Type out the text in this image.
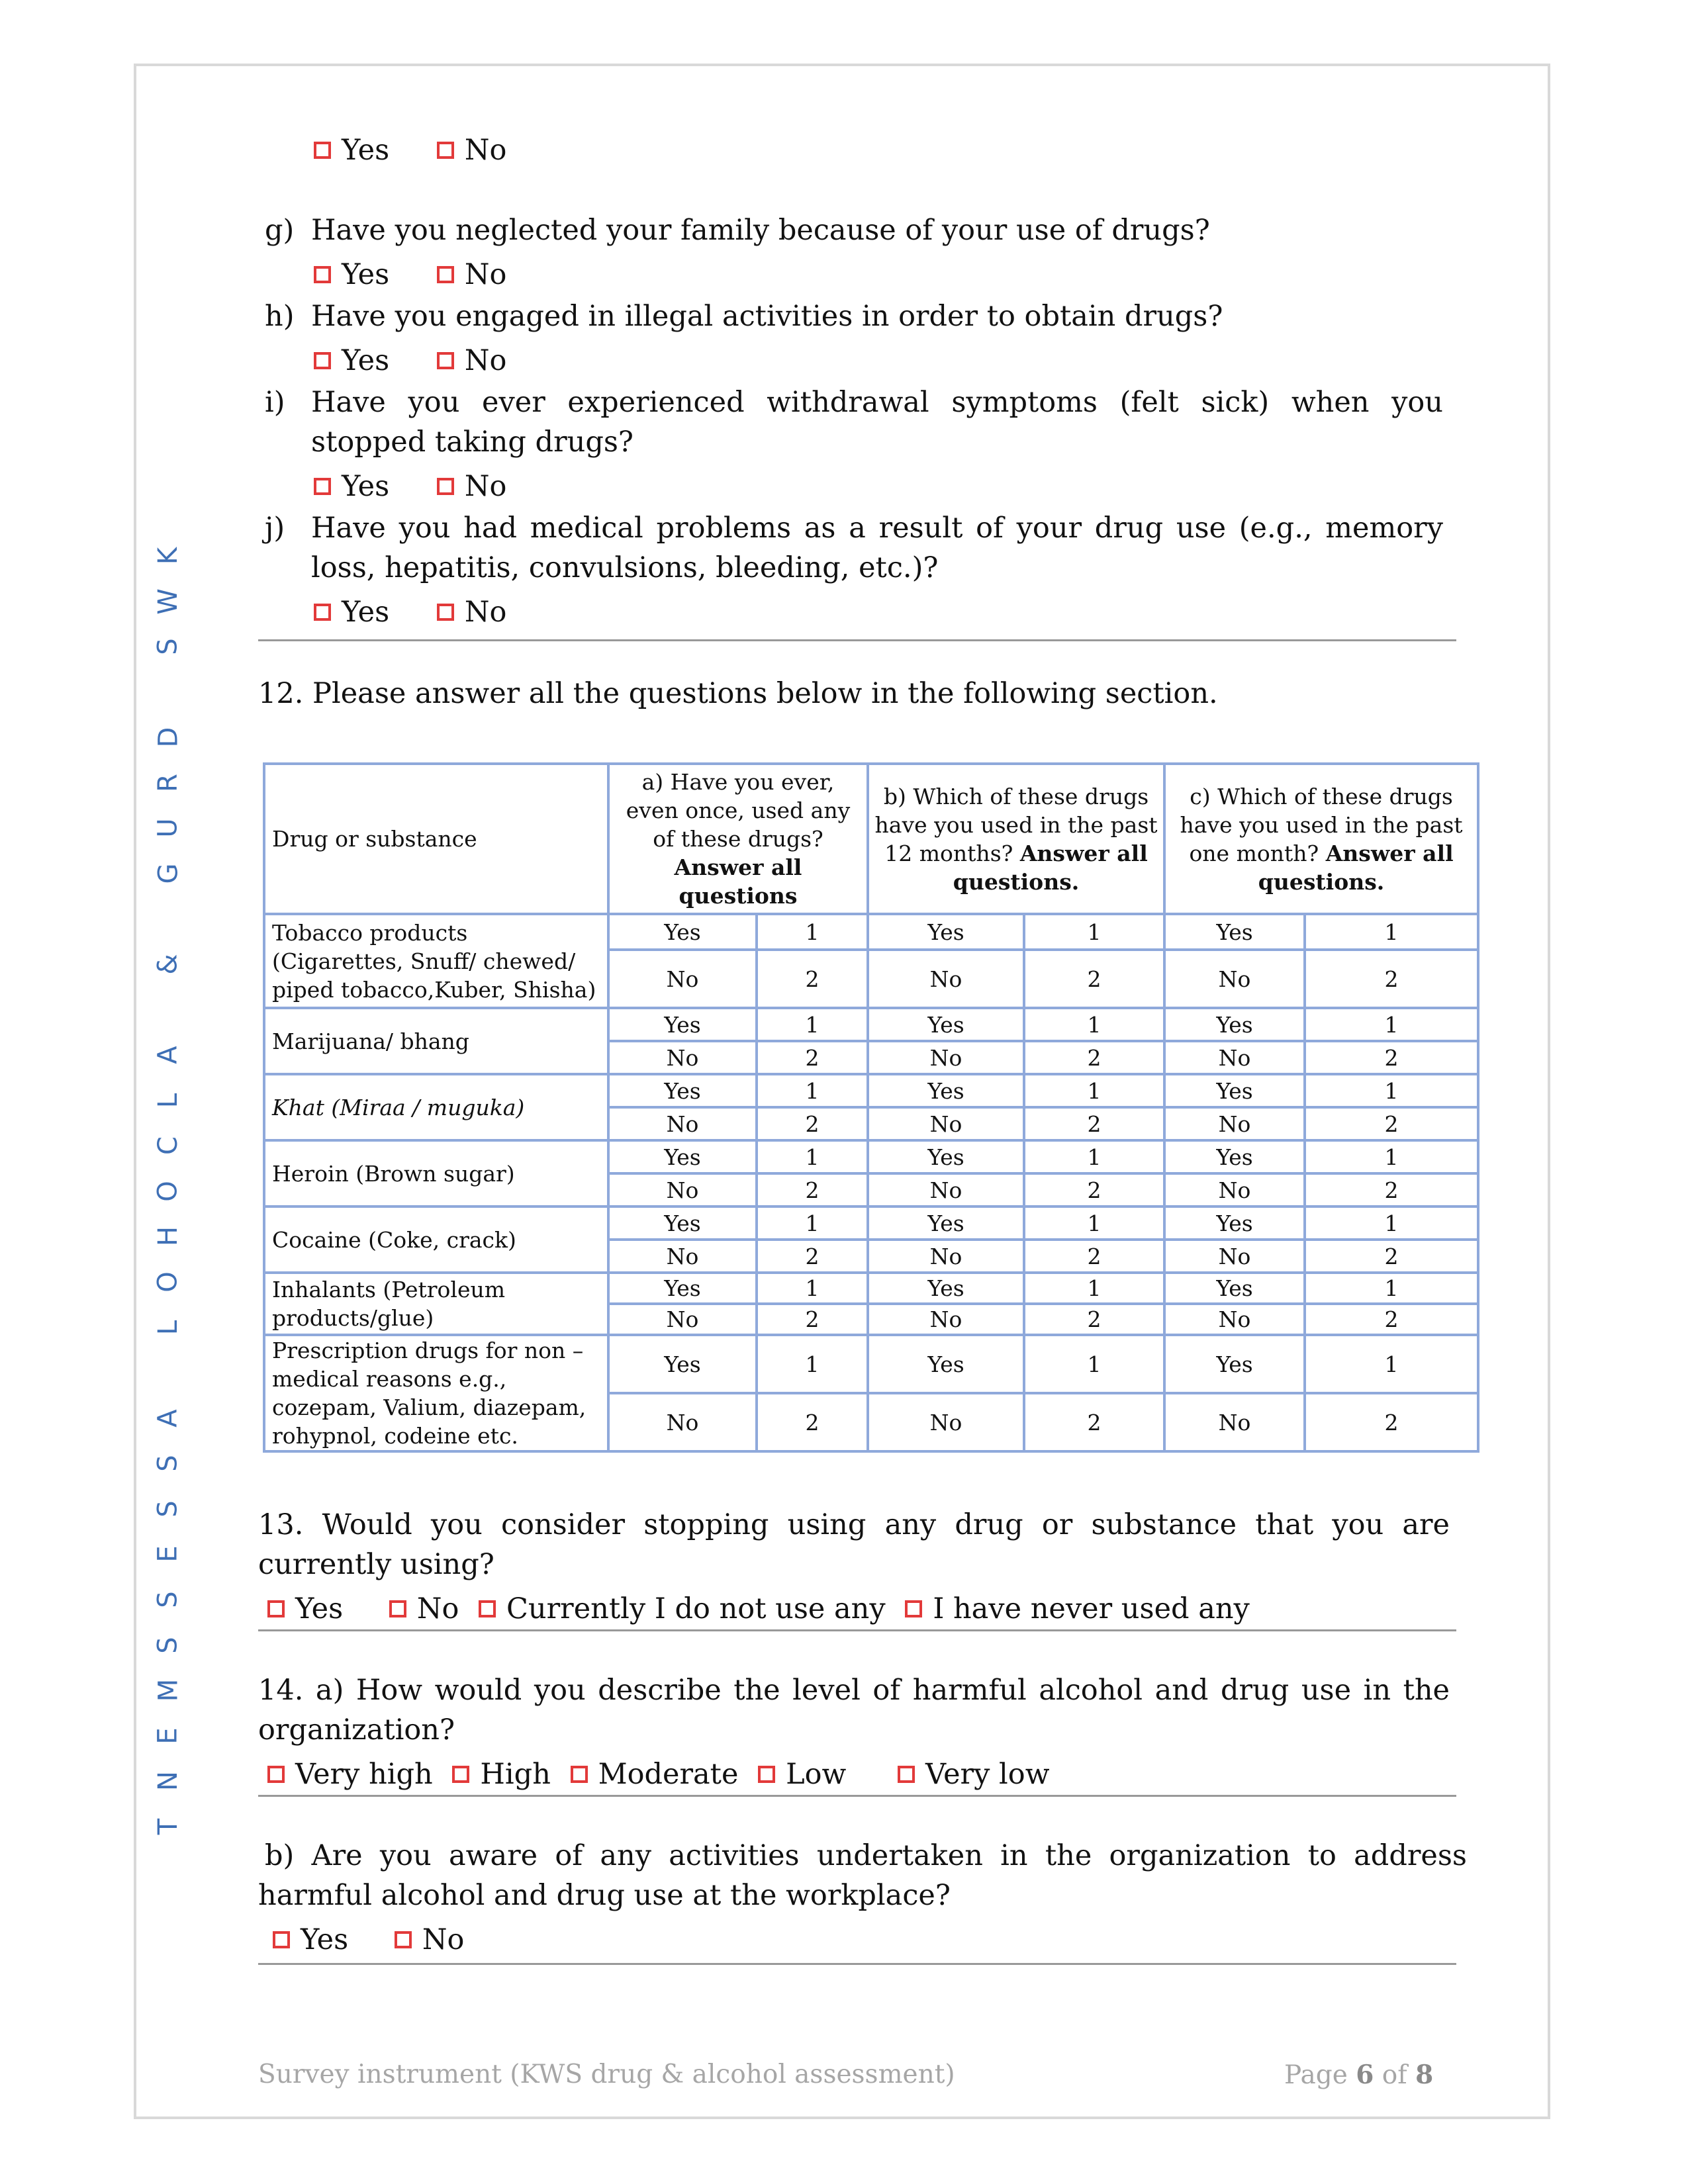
K
W
S

D
R
U
G

&

A
L
C
O
H
O
L

A
S
S
E
S
S
M
E
N
T
Yes
	No
g) Have you neglected your family because of your use of drugs?
Yes
	No
h) Have you engaged in illegal activities in order to obtain drugs?
Yes
	No
i) Have you ever experienced withdrawal symptoms (felt sick) when you stopped taking drugs?
Yes
	No
j) Have you had medical problems as a result of your drug use (e.g., memory loss, hepatitis, convulsions, bleeding, etc.)?
Yes
	No
12. Please answer all the questions below in the following section.
Drug or substance	a) Have you ever, even once, used any of these drugs? Answer all questions		b) Which of these drugs have you used in the past 12 months? Answer all questions.		c) Which of these drugs have you used in the past one month? Answer all questions.	
Tobacco products (Cigarettes, Snuff/ chewed/ piped tobacco,Kuber, Shisha)	Yes	1	Yes	1	Yes	1
	No	2	No	2	No	2
Marijuana/ bhang	Yes	1	Yes	1	Yes	1
	No	2	No	2	No	2
Khat (Miraa / muguka)	Yes	1	Yes	1	Yes	1
	No	2	No	2	No	2
Heroin (Brown sugar)	Yes	1	Yes	1	Yes	1
	No	2	No	2	No	2
Cocaine (Coke, crack)	Yes	1	Yes	1	Yes	1
	No	2	No	2	No	2
Inhalants (Petroleum products/glue)	Yes	1	Yes	1	Yes	1
	No	2	No	2	No	2
Prescription drugs for non – medical reasons e.g., cozepam, Valium, diazepam, rohypnol, codeine etc.	Yes	1	Yes	1	Yes	1
	No	2	No	2	No	2
13. Would you consider stopping using any drug or substance that you are currently using?
Yes
	No
Currently I do not use any
I have never used any
14. a) How would you describe the level of harmful alcohol and drug use in the organization?
Very high
High
Moderate
Low
	Very low
b) Are you aware of any activities undertaken in the organization to address harmful alcohol and drug use at the workplace?
Yes
	No
Survey instrument (KWS drug & alcohol assessment)	Page 6 of 8
